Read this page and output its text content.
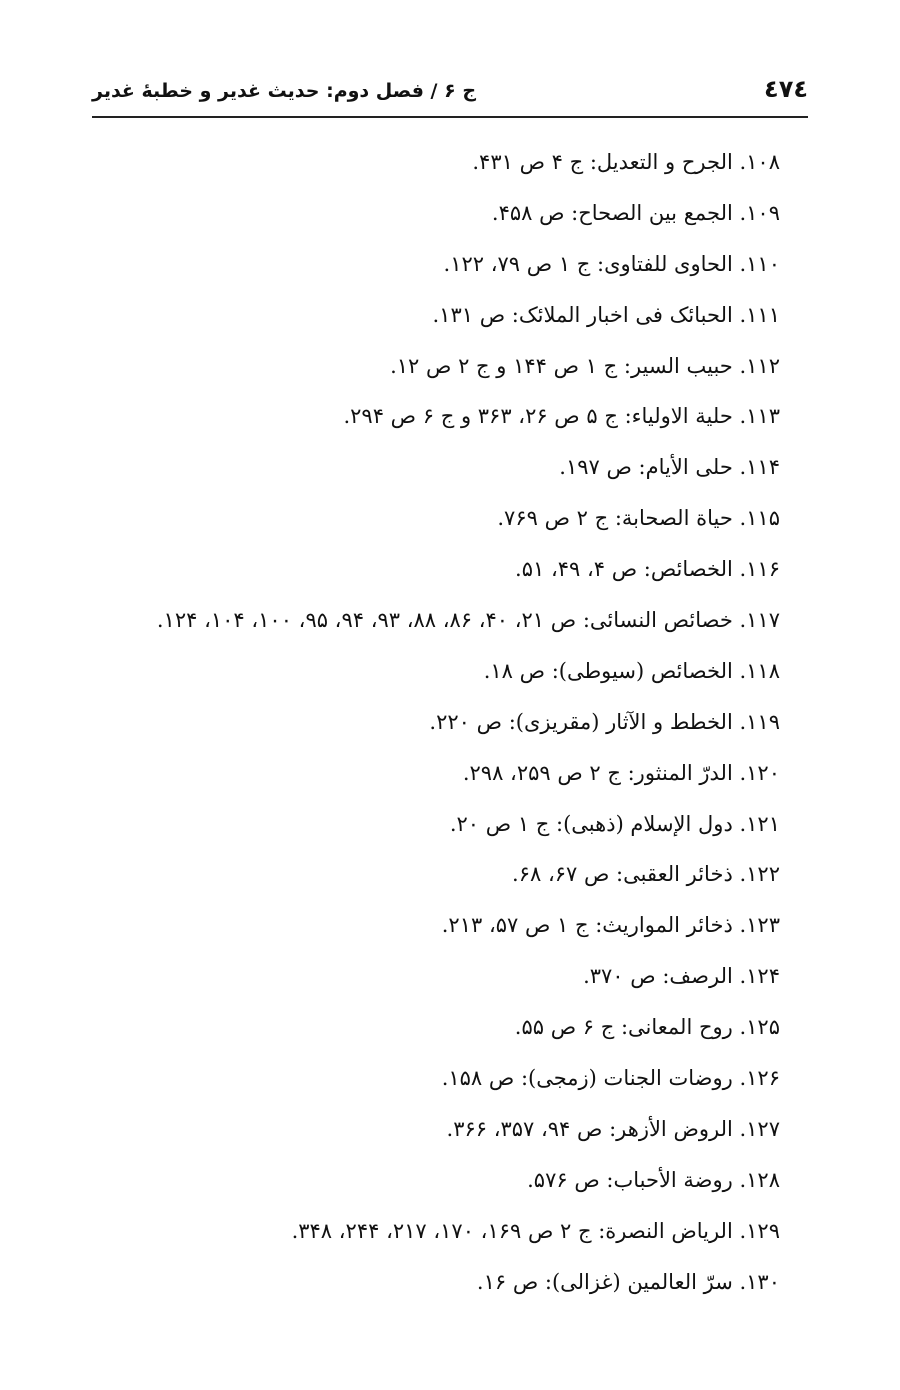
٤٧٤
ج ۶ / فصل دوم: حديث غدير و خطبهٔ غدير
۱۰۸. الجرح و التعديل: ج ۴ ص ۴۳۱.
۱۰۹. الجمع بين الصحاح: ص ۴۵۸.
۱۱۰. الحاوى للفتاوى: ج ۱ ص ۷۹، ۱۲۲.
۱۱۱. الحبائک فى اخبار الملائک: ص ۱۳۱.
۱۱۲. حبيب السير: ج ۱ ص ۱۴۴ و ج ۲ ص ۱۲.
۱۱۳. حلية الاولياء: ج ۵ ص ۲۶، ۳۶۳ و ج ۶ ص ۲۹۴.
۱۱۴. حلى الأيام: ص ۱۹۷.
۱۱۵. حياة الصحابة: ج ۲ ص ۷۶۹.
۱۱۶. الخصائص: ص ۴، ۴۹، ۵۱.
۱۱۷. خصائص النسائى: ص ۲۱، ۴۰، ۸۶، ۸۸، ۹۳، ۹۴، ۹۵، ۱۰۰، ۱۰۴، ۱۲۴.
۱۱۸. الخصائص (سيوطى): ص ۱۸.
۱۱۹. الخطط و الآثار (مقريزى): ص ۲۲۰.
۱۲۰. الدرّ المنثور: ج ۲ ص ۲۵۹، ۲۹۸.
۱۲۱. دول الإسلام (ذهبى): ج ۱ ص ۲۰.
۱۲۲. ذخائر العقبى: ص ۶۷، ۶۸.
۱۲۳. ذخائر المواريث: ج ۱ ص ۵۷، ۲۱۳.
۱۲۴. الرصف: ص ۳۷۰.
۱۲۵. روح المعانى: ج ۶ ص ۵۵.
۱۲۶. روضات الجنات (زمجى): ص ۱۵۸.
۱۲۷. الروض الأزهر: ص ۹۴، ۳۵۷، ۳۶۶.
۱۲۸. روضة الأحباب: ص ۵۷۶.
۱۲۹. الرياض النصرة: ج ۲ ص ۱۶۹، ۱۷۰، ۲۱۷، ۲۴۴، ۳۴۸.
۱۳۰. سرّ العالمين (غزالى): ص ۱۶.
